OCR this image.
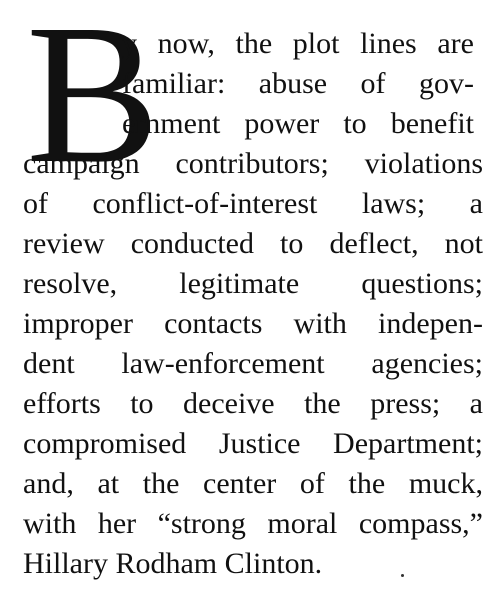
B

y now, the plot lines are

familiar: abuse of gov-

ernment power to benefit

campaign contributors; violations

of conflict-of-interest laws; a

review conducted to deflect, not

resolve, legitimate questions;

improper contacts with indepen-

dent law-enforcement agencies;

efforts to deceive the press; a

compromised Justice Department;

and, at the center of the muck,

with her “strong moral compass,”

Hillary Rodham Clinton.
